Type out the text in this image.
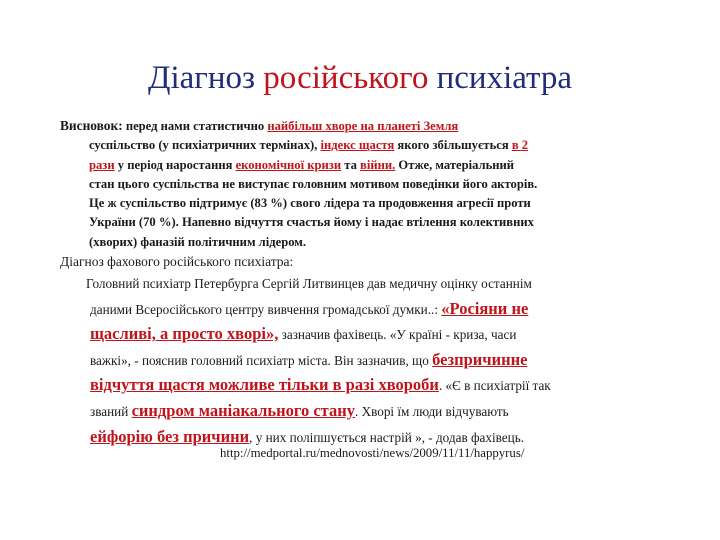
Діагноз російського психіатра
Висновок: перед нами статистично найбільш хворе на планеті Земля
суспільство (у психіатричних термінах), індекс щастя якого збільшується в 2
рази у період наростання економічної кризи та війни. Отже, матеріальний
стан цього суспільства не виступає головним мотивом поведінки його акторів.
Це ж суспільство підтримує (83 %) свого лідера та продовження агресії проти
України (70 %). Напевно відчуття счастья йому і надає втілення колективних
(хворих) фаназій політичним лідером.
Діагноз фахового російського психіатра:
Головний психіатр Петербурга Сергій Литвинцев дав медичну оцінку останнім
даними Всеросійського центру вивчення громадської думки..: «Росіяни не
щасливі, а просто хворі», зазначив фахівець. «У країні - криза, часи
важкі», - пояснив головний психіатр міста. Він зазначив, що безпричинне
відчуття щастя можливе тільки в разі хвороби. «Є в психіатрії так
званий синдром маніакального стану. Хворі їм люди відчувають
ейфорію без причини, у них поліпшується настрій », - додав фахівець.
http://medportal.ru/mednovosti/news/2009/11/11/happyrus/
